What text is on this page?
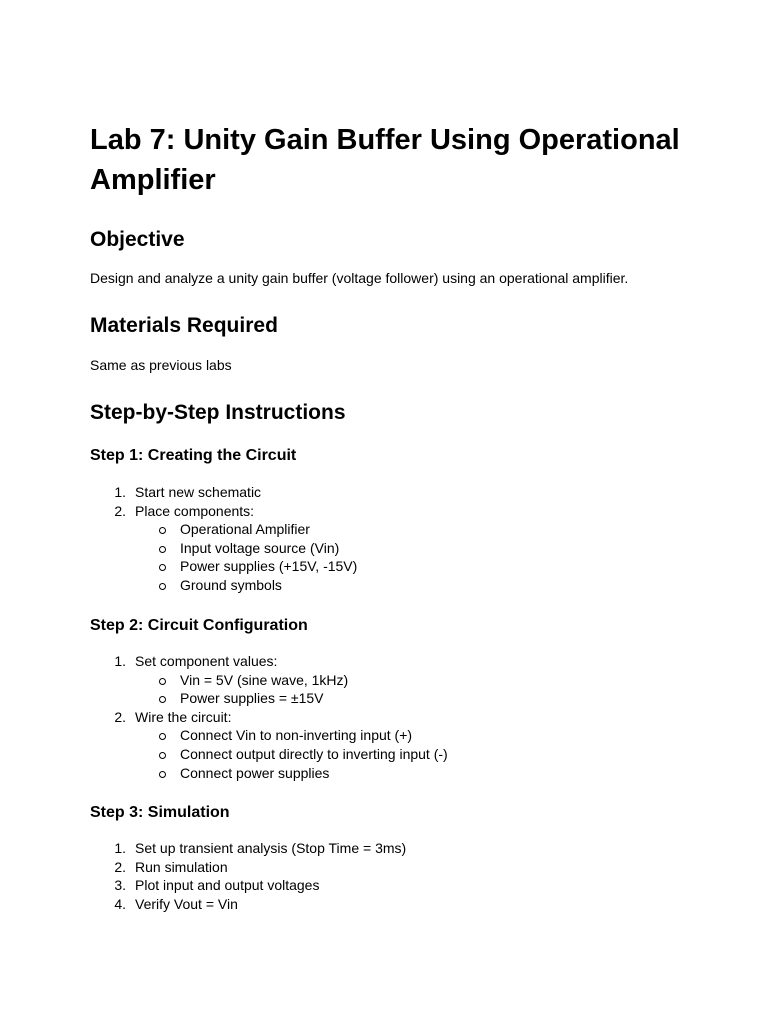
Lab 7: Unity Gain Buffer Using Operational Amplifier
Objective

Design and analyze a unity gain buffer (voltage follower) using an operational amplifier.

Materials Required

Same as previous labs

Step-by-Step Instructions
Step 1: Creating the Circuit
1. Start new schematic
2. Place components:
Operational Amplifier
Input voltage source (Vin)
Power supplies (+15V, -15V)
Ground symbols
Step 2: Circuit Configuration
1. Set component values:
Vin = 5V (sine wave, 1kHz)
Power supplies = ±15V
2. Wire the circuit:
Connect Vin to non-inverting input (+)
Connect output directly to inverting input (-)
Connect power supplies
Step 3: Simulation
1. Set up transient analysis (Stop Time = 3ms)
2. Run simulation
3. Plot input and output voltages
4. Verify Vout = Vin
